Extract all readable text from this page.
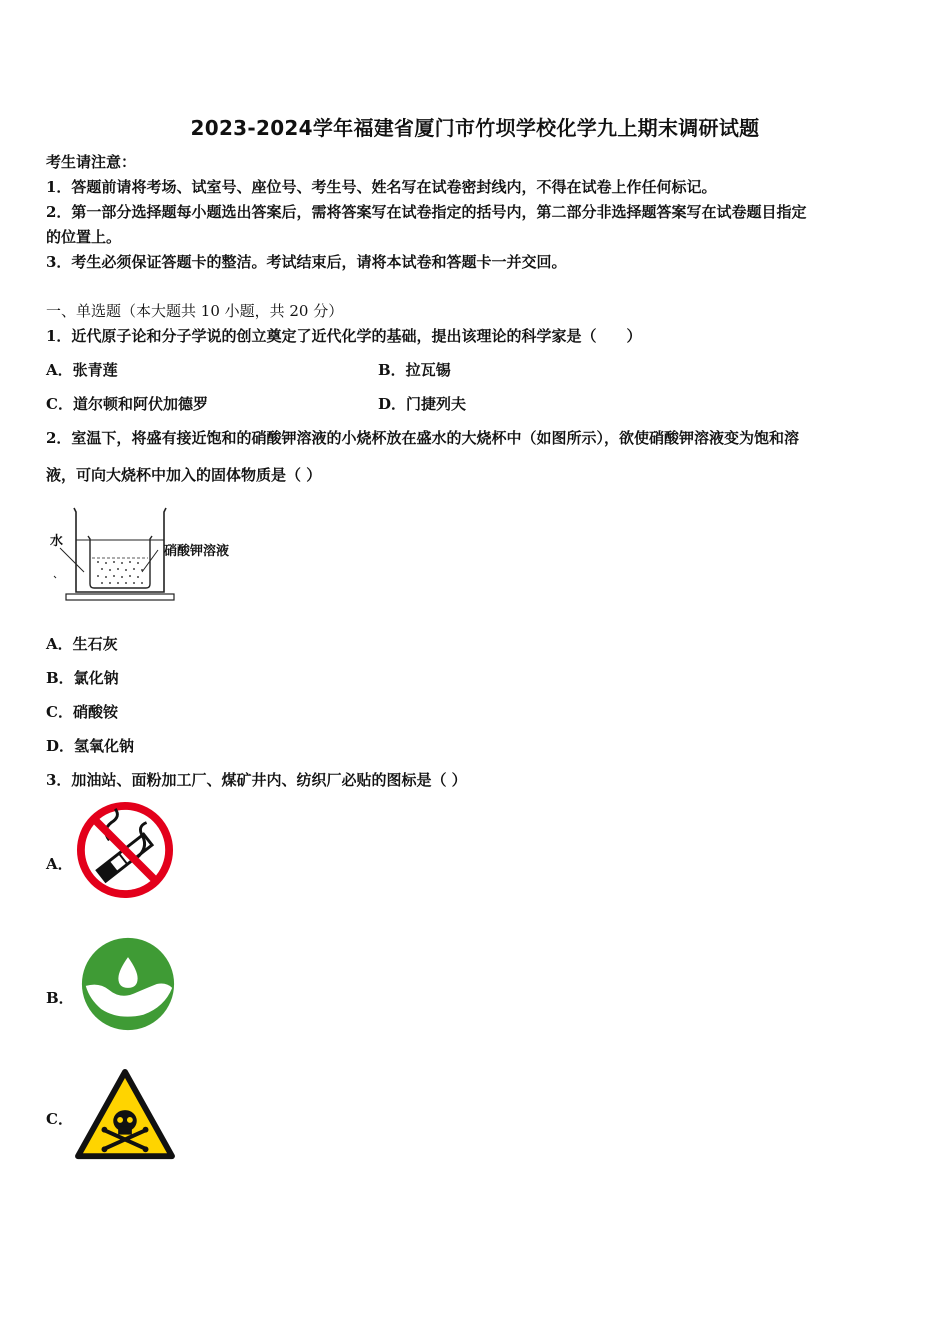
2023-2024学年福建省厦门市竹坝学校化学九上期末调研试题
考生请注意：
1．答题前请将考场、试室号、座位号、考生号、姓名写在试卷密封线内，不得在试卷上作任何标记。
2．第一部分选择题每小题选出答案后，需将答案写在试卷指定的括号内，第二部分非选择题答案写在试卷题目指定
的位置上。
3．考生必须保证答题卡的整洁。考试结束后，请将本试卷和答题卡一并交回。
一、单选题（本大题共 10 小题，共 20 分）
1．近代原子论和分子学说的创立奠定了近代化学的基础，提出该理论的科学家是（　　）
A．张青莲	B．拉瓦锡
C．道尔顿和阿伏加德罗	D．门捷列夫
2．室温下，将盛有接近饱和的硝酸钾溶液的小烧杯放在盛水的大烧杯中（如图所示），欲使硝酸钾溶液变为饱和溶
液，可向大烧杯中加入的固体物质是（ ）
水
硝酸钾溶液
A．生石灰
B．氯化钠
C．硝酸铵
D．氢氧化钠
3．加油站、面粉加工厂、煤矿井内、纺织厂必贴的图标是（ ）
A．
B．
C．
